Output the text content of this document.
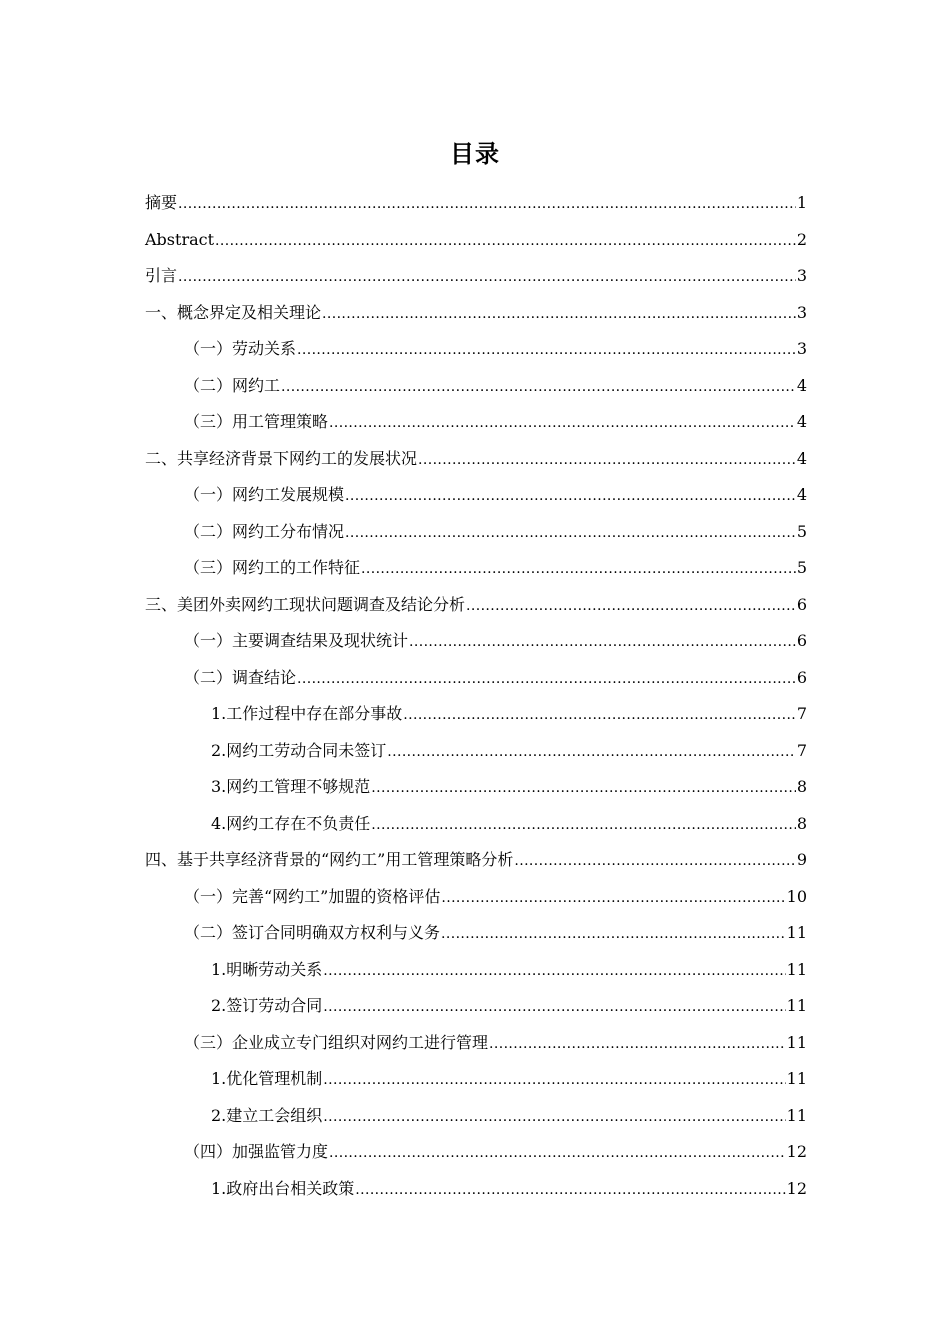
目录
摘要 .....	1
Abstract .....	2
引言 .....	3
一、概念界定及相关理论 .....	3
（一）劳动关系 .....	3
（二）网约工 .....	4
（三）用工管理策略 .....	4
二、共享经济背景下网约工的发展状况 .....	4
（一）网约工发展规模 .....	4
（二）网约工分布情况 .....	5
（三）网约工的工作特征 .....	5
三、美团外卖网约工现状问题调查及结论分析 .....	6
（一）主要调查结果及现状统计 .....	6
（二）调查结论 .....	6
1.工作过程中存在部分事故 .....	7
2.网约工劳动合同未签订 .....	7
3.网约工管理不够规范 .....	8
4.网约工存在不负责任 .....	8
四、基于共享经济背景的“网约工”用工管理策略分析 .....	9
（一）完善“网约工”加盟的资格评估 .....	10
（二）签订合同明确双方权利与义务 .....	11
1.明晰劳动关系 .....	11
2.签订劳动合同 .....	11
（三）企业成立专门组织对网约工进行管理 .....	11
1.优化管理机制 .....	11
2.建立工会组织 .....	11
（四）加强监管力度 .....	12
1.政府出台相关政策 .....	12
